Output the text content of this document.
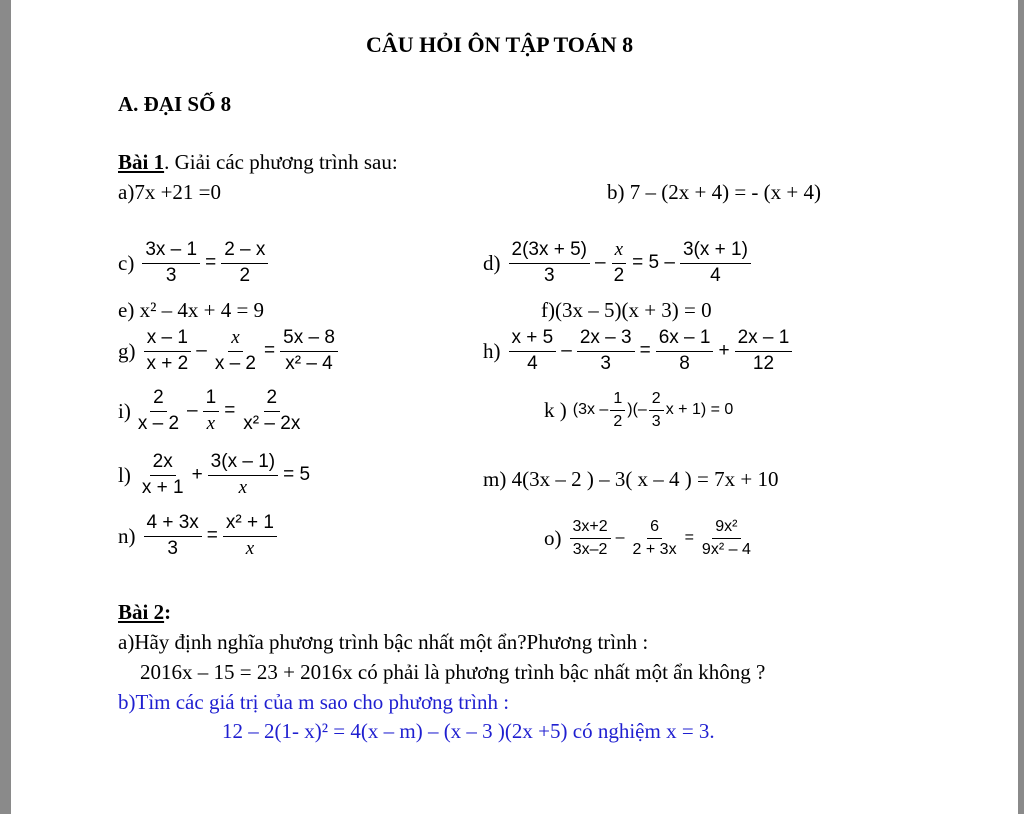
CÂU HỎI ÔN TẬP TOÁN 8
A. ĐẠI SỐ 8
Bài 1. Giải các phương trình sau:
a)7x +21 =0	b) 7 – (2x + 4) = - (x + 4)
$c) \frac{3x - 1}{3} = \frac{2 - x}{2}$	$d) \frac{2(3x + 5)}{3} - \frac{x}{2} = 5 - \frac{3(x + 1)}{4}$
e) x² – 4x + 4 = 9	f)(3x – 5)(x + 3) = 0
$g) \frac{x - 1}{x + 2} - \frac{x}{x - 2} = \frac{5x - 8}{\text{x² – 4}}$	$h) \frac{x + 5}{4} - \frac{2x - 3}{3} = \frac{6x - 1}{8} + \frac{2x - 1}{12}$
$i) \frac{2}{x - 2} - \frac{1}{x} = \frac{2}{\text{x² – 2x}}$	k ) ($3x - \frac{1}{2}$ )(– $\frac{2}{3}$ x + 1) = 0
$l) \frac{2x}{x + 1} + \frac{3(x - 1)}{x} = 5$	m) 4(3x – 2 ) – 3( x – 4 ) = 7x + 10
$n) \frac{4 + 3x}{3} = \frac{\text{x² + 1}}{x}$	$o) \frac{3x+2}{3x-2} - \frac{6}{2 + 3x} = \frac{\text{9x²}}{\text{9x² – 4}}$
Bài 2:
a)Hãy định nghĩa phương trình bậc nhất một ẩn?Phương trình :
2016x – 15 = 23 + 2016x có phải là phương trình bậc nhất một ẩn không ?
b)Tìm các giá trị của m sao cho phương trình :
12 – 2(1- x)² = 4(x – m) – (x – 3 )(2x +5) có nghiệm x = 3.
